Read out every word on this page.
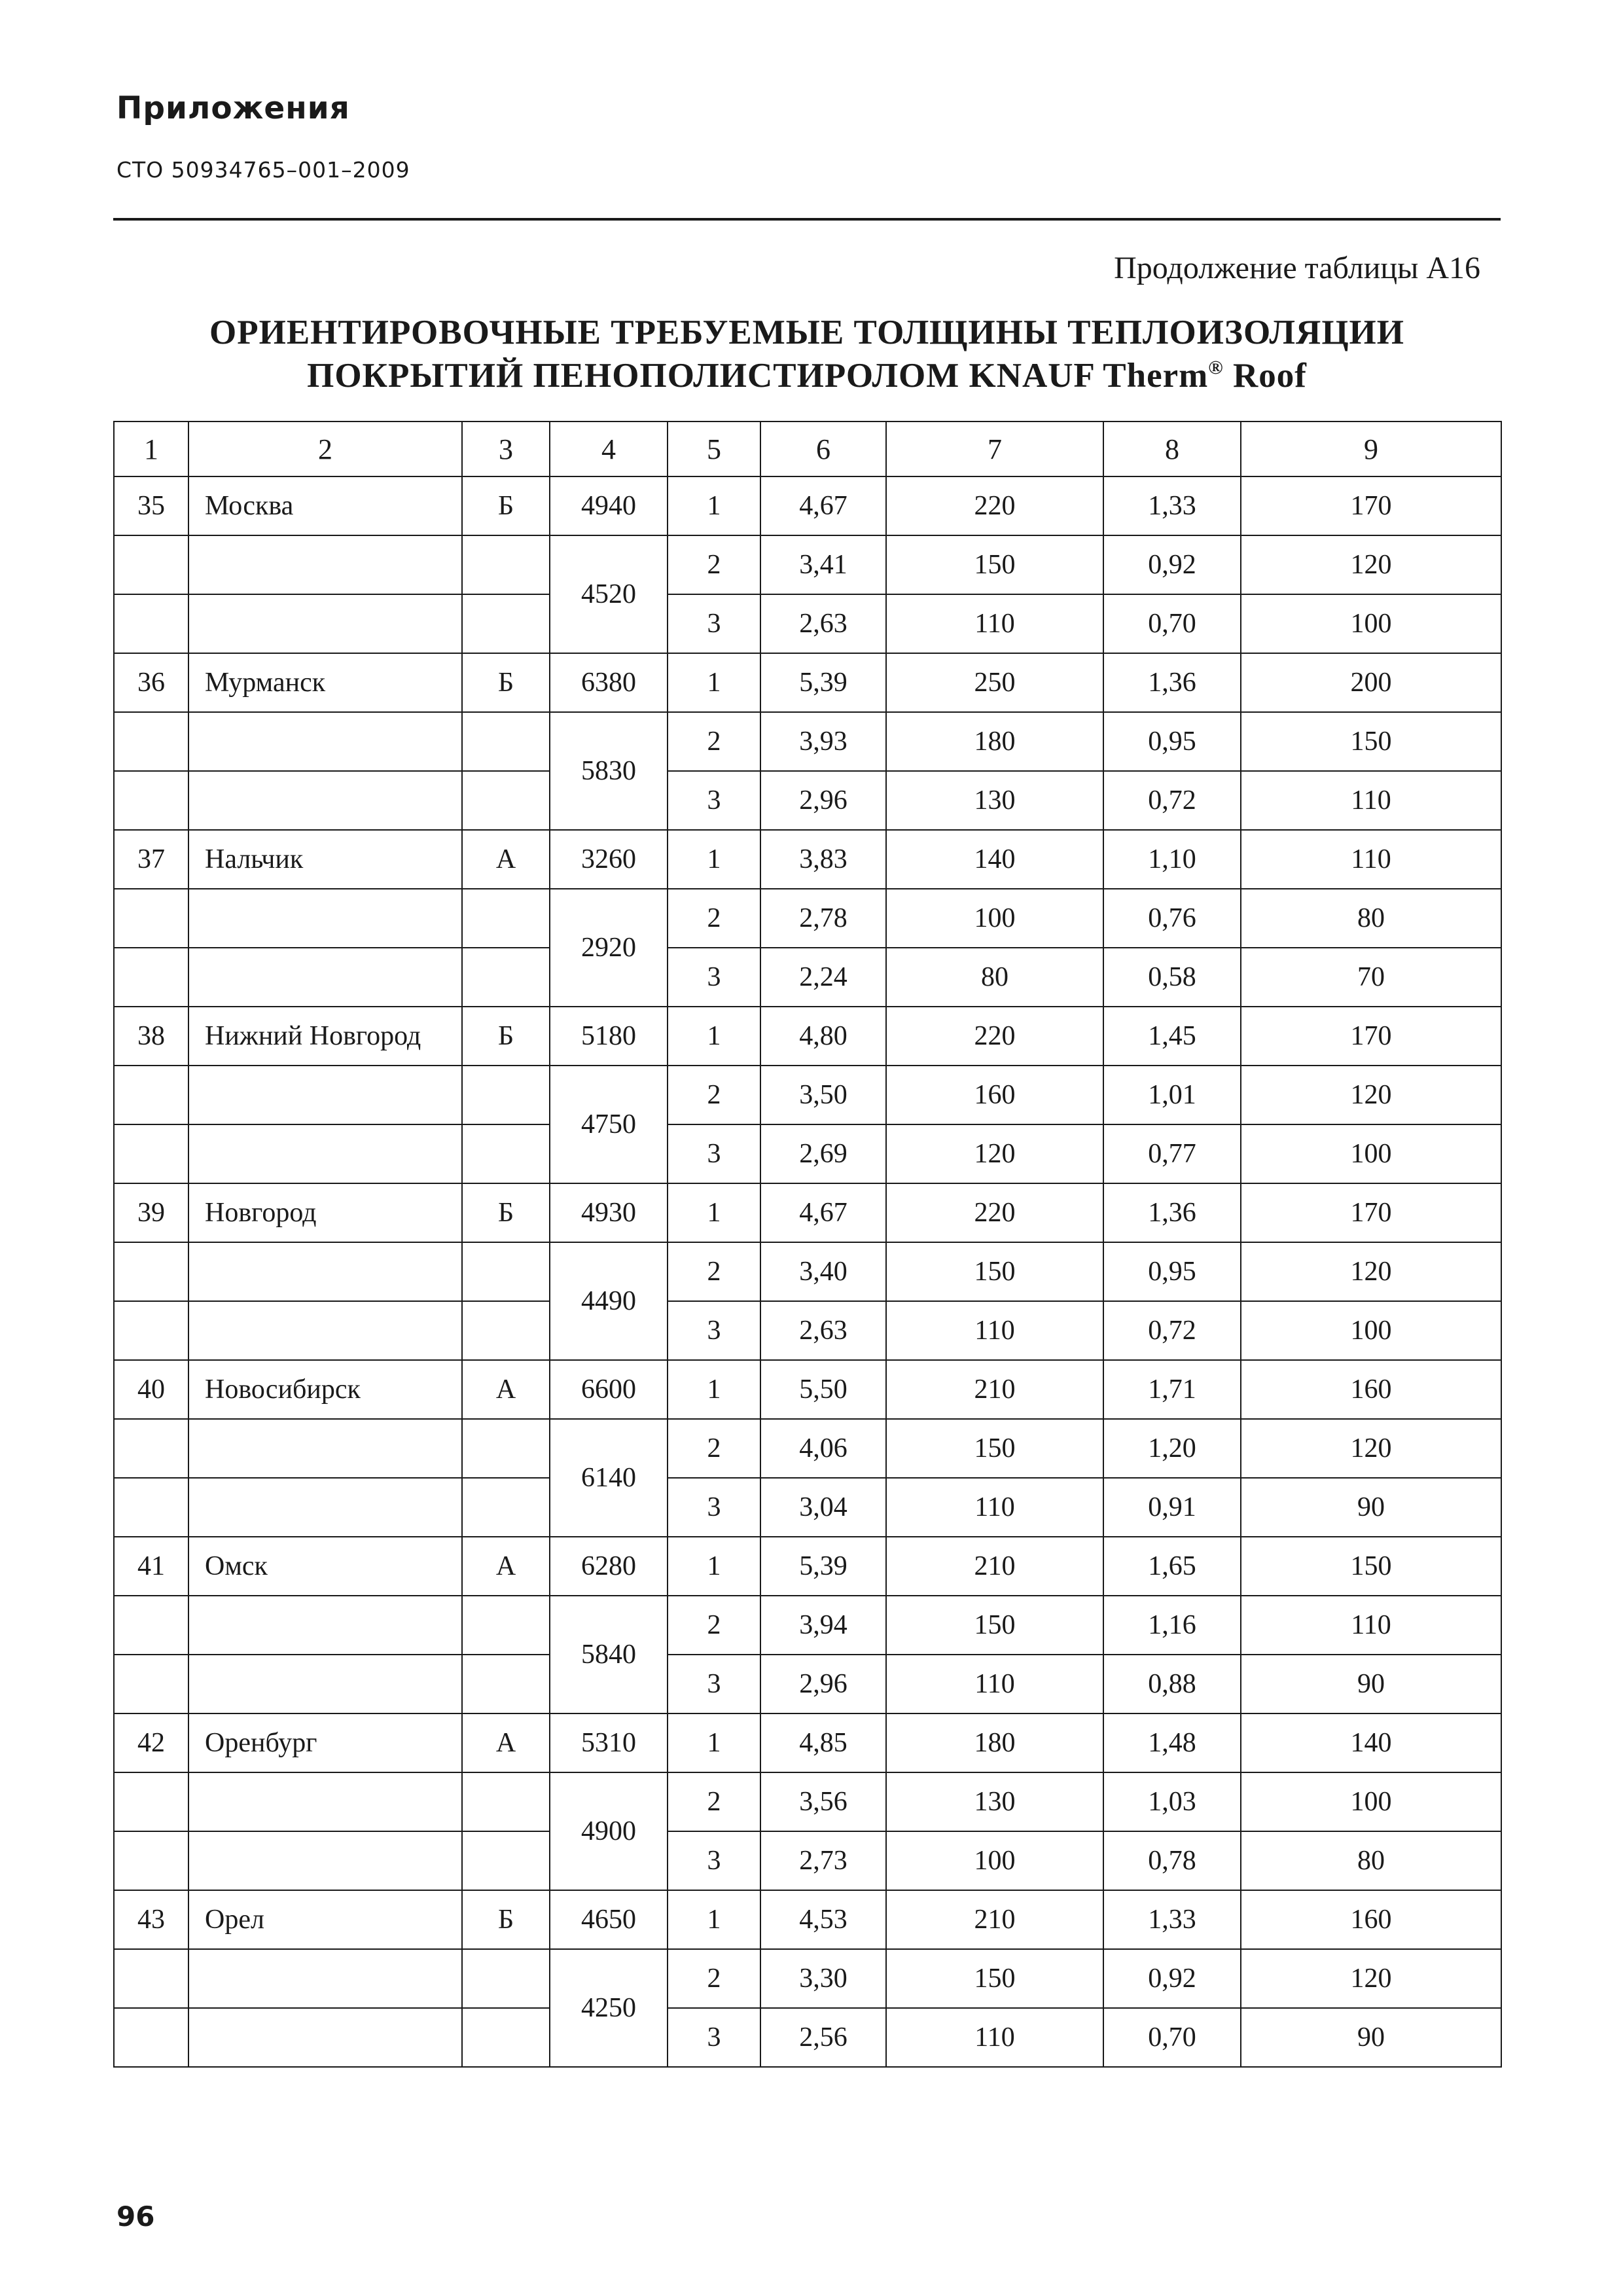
Приложения
СТО 50934765–001–2009
Продолжение таблицы А16
ОРИЕНТИРОВОЧНЫЕ ТРЕБУЕМЫЕ ТОЛЩИНЫ ТЕПЛОИЗОЛЯЦИИ
ПОКРЫТИЙ ПЕНОПОЛИСТИРОЛОМ KNAUF Therm® Roof
1	2	3	4	5	6	7	8	9
35	Москва	Б	4940	1	4,67	220	1,33	170
			4520	2	3,41	150	0,92	120
				3	2,63	110	0,70	100
36	Мурманск	Б	6380	1	5,39	250	1,36	200
			5830	2	3,93	180	0,95	150
				3	2,96	130	0,72	110
37	Нальчик	А	3260	1	3,83	140	1,10	110
			2920	2	2,78	100	0,76	80
				3	2,24	80	0,58	70
38	Нижний Новгород	Б	5180	1	4,80	220	1,45	170
			4750	2	3,50	160	1,01	120
				3	2,69	120	0,77	100
39	Новгород	Б	4930	1	4,67	220	1,36	170
			4490	2	3,40	150	0,95	120
				3	2,63	110	0,72	100
40	Новосибирск	А	6600	1	5,50	210	1,71	160
			6140	2	4,06	150	1,20	120
				3	3,04	110	0,91	90
41	Омск	А	6280	1	5,39	210	1,65	150
			5840	2	3,94	150	1,16	110
				3	2,96	110	0,88	90
42	Оренбург	А	5310	1	4,85	180	1,48	140
			4900	2	3,56	130	1,03	100
				3	2,73	100	0,78	80
43	Орел	Б	4650	1	4,53	210	1,33	160
			4250	2	3,30	150	0,92	120
				3	2,56	110	0,70	90
96
